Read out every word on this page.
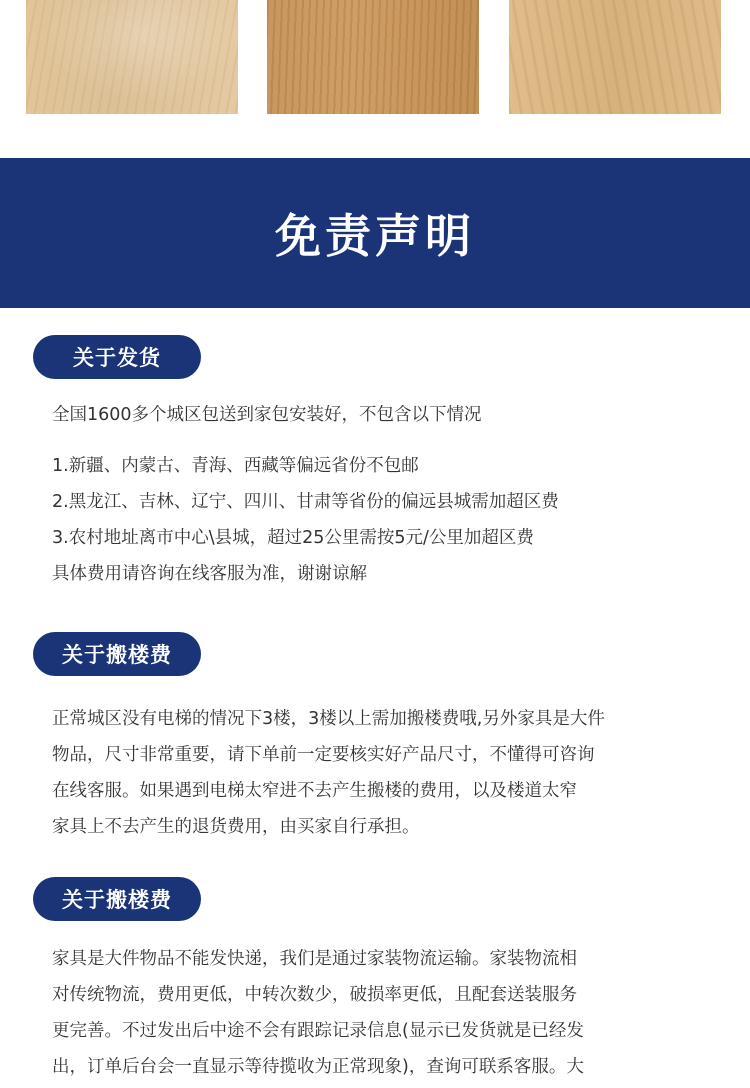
免责声明
关于发货
全国1600多个城区包送到家包安装好，不包含以下情况
1.新疆、内蒙古、青海、西藏等偏远省份不包邮
2.黑龙江、吉林、辽宁、四川、甘肃等省份的偏远县城需加超区费
3.农村地址离市中心\县城，超过25公里需按5元/公里加超区费
具体费用请咨询在线客服为准，谢谢谅解
关于搬楼费
正常城区没有电梯的情况下3楼，3楼以上需加搬楼费哦,另外家具是大件
物品，尺寸非常重要，请下单前一定要核实好产品尺寸，不懂得可咨询
在线客服。如果遇到电梯太窄进不去产生搬楼的费用，以及楼道太窄
家具上不去产生的退货费用，由买家自行承担。
关于搬楼费
家具是大件物品不能发快递，我们是通过家装物流运输。家装物流相
对传统物流，费用更低，中转次数少，破损率更低，且配套送装服务
更完善。不过发出后中途不会有跟踪记录信息(显示已发货就是已经发
出，订单后台会一直显示等待揽收为正常现象)，查询可联系客服。大
